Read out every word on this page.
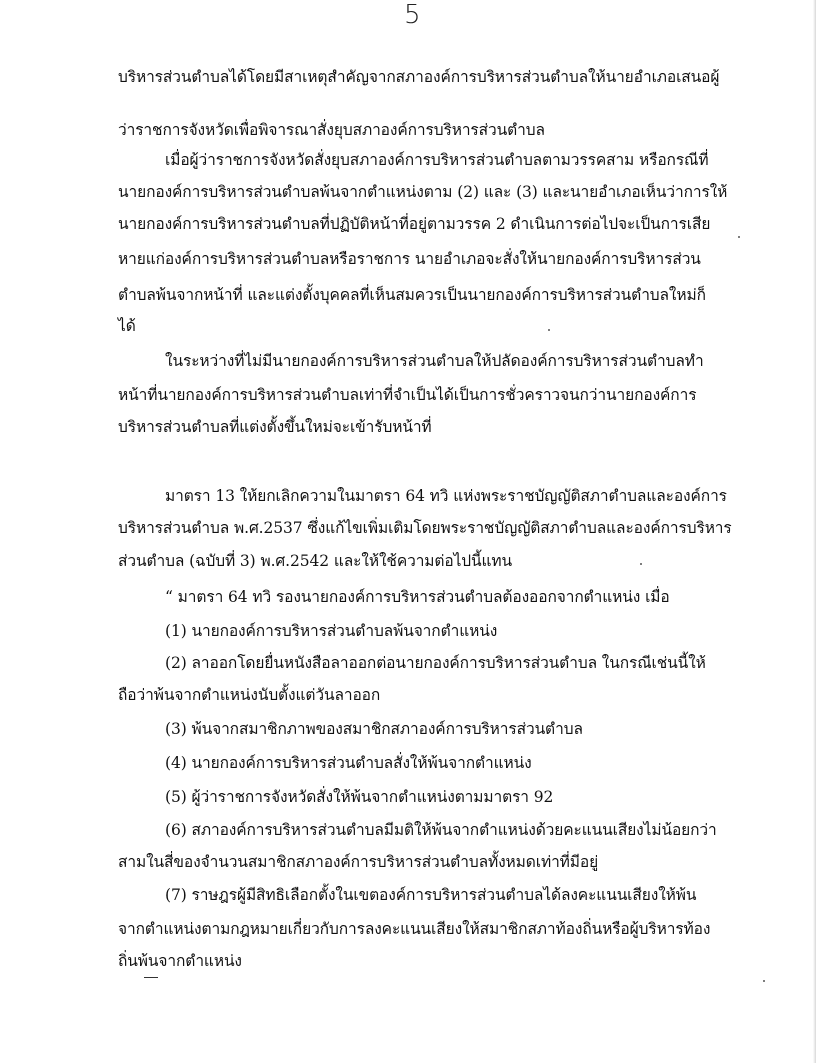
5
บริหารส่วนตำบลได้โดยมีสาเหตุสำคัญจากสภาองค์การบริหารส่วนตำบลให้นายอำเภอเสนอผู้
ว่าราชการจังหวัดเพื่อพิจารณาสั่งยุบสภาองค์การบริหารส่วนตำบล
เมื่อผู้ว่าราชการจังหวัดสั่งยุบสภาองค์การบริหารส่วนตำบลตามวรรคสาม หรือกรณีที่
นายกองค์การบริหารส่วนตำบลพ้นจากตำแหน่งตาม (2) และ (3) และนายอำเภอเห็นว่าการให้
นายกองค์การบริหารส่วนตำบลที่ปฏิบัติหน้าที่อยู่ตามวรรค 2 ดำเนินการต่อไปจะเป็นการเสีย
หายแก่องค์การบริหารส่วนตำบลหรือราชการ นายอำเภอจะสั่งให้นายกองค์การบริหารส่วน
ตำบลพ้นจากหน้าที่ และแต่งตั้งบุคคลที่เห็นสมควรเป็นนายกองค์การบริหารส่วนตำบลใหม่ก็
ได้
ในระหว่างที่ไม่มีนายกองค์การบริหารส่วนตำบลให้ปลัดองค์การบริหารส่วนตำบลทำ
หน้าที่นายกองค์การบริหารส่วนตำบลเท่าที่จำเป็นได้เป็นการชั่วคราวจนกว่านายกองค์การ
บริหารส่วนตำบลที่แต่งตั้งขึ้นใหม่จะเข้ารับหน้าที่
มาตรา 13 ให้ยกเลิกความในมาตรา 64 ทวิ แห่งพระราชบัญญัติสภาตำบลและองค์การ
บริหารส่วนตำบล พ.ศ.2537 ซึ่งแก้ไขเพิ่มเติมโดยพระราชบัญญัติสภาตำบลและองค์การบริหาร
ส่วนตำบล (ฉบับที่ 3) พ.ศ.2542 และให้ใช้ความต่อไปนี้แทน
“ มาตรา 64 ทวิ รองนายกองค์การบริหารส่วนตำบลต้องออกจากตำแหน่ง เมื่อ
(1) นายกองค์การบริหารส่วนตำบลพ้นจากตำแหน่ง
(2) ลาออกโดยยื่นหนังสือลาออกต่อนายกองค์การบริหารส่วนตำบล ในกรณีเช่นนี้ให้
ถือว่าพ้นจากตำแหน่งนับตั้งแต่วันลาออก
(3) พ้นจากสมาชิกภาพของสมาชิกสภาองค์การบริหารส่วนตำบล
(4) นายกองค์การบริหารส่วนตำบลสั่งให้พ้นจากตำแหน่ง
(5) ผู้ว่าราชการจังหวัดสั่งให้พ้นจากตำแหน่งตามมาตรา 92
(6) สภาองค์การบริหารส่วนตำบลมีมติให้พ้นจากตำแหน่งด้วยคะแนนเสียงไม่น้อยกว่า
สามในสี่ของจำนวนสมาชิกสภาองค์การบริหารส่วนตำบลทั้งหมดเท่าที่มีอยู่
(7) ราษฎรผู้มีสิทธิเลือกตั้งในเขตองค์การบริหารส่วนตำบลได้ลงคะแนนเสียงให้พ้น
จากตำแหน่งตามกฎหมายเกี่ยวกับการลงคะแนนเสียงให้สมาชิกสภาท้องถิ่นหรือผู้บริหารท้อง
ถิ่นพ้นจากตำแหน่ง
